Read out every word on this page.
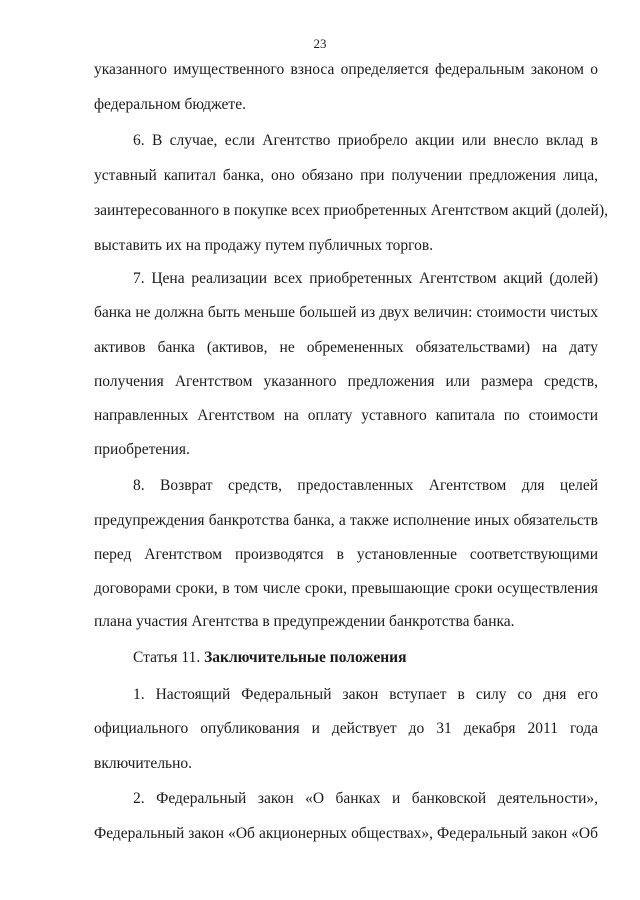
23
указанного имущественного взноса определяется федеральным законом о
федеральном бюджете.
6. В случае, если Агентство приобрело акции или внесло вклад в
уставный капитал банка, оно обязано при получении предложения лица,
заинтересованного в покупке всех приобретенных Агентством акций (долей),
выставить их на продажу путем публичных торгов.
7. Цена реализации всех приобретенных Агентством акций (долей)
банка не должна быть меньше большей из двух величин: стоимости чистых
активов банка (активов, не обремененных обязательствами) на дату
получения Агентством указанного предложения или размера средств,
направленных Агентством на оплату уставного капитала по стоимости
приобретения.
8. Возврат средств, предоставленных Агентством для целей
предупреждения банкротства банка, а также исполнение иных обязательств
перед Агентством производятся в установленные соответствующими
договорами сроки, в том числе сроки, превышающие сроки осуществления
плана участия Агентства в предупреждении банкротства банка.
Статья 11. Заключительные положения
1. Настоящий Федеральный закон вступает в силу со дня его
официального опубликования и действует до 31 декабря 2011 года
включительно.
2. Федеральный закон «О банках и банковской деятельности»,
Федеральный закон «Об акционерных обществах», Федеральный закон «Об
